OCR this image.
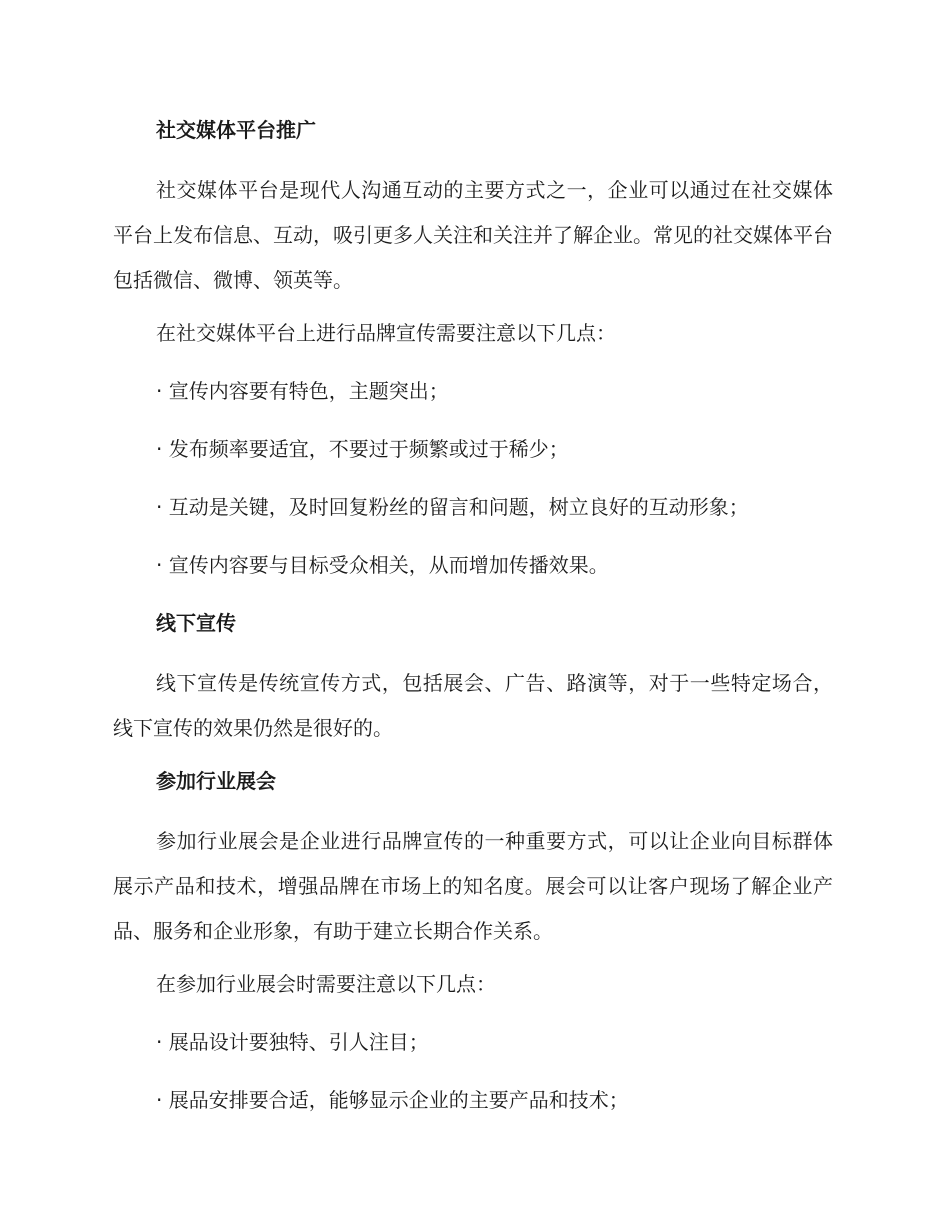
社交媒体平台推广

社交媒体平台是现代人沟通互动的主要方式之一，企业可以通过在社交媒体平台上发布信息、互动，吸引更多人关注和关注并了解企业。常见的社交媒体平台包括微信、微博、领英等。

在社交媒体平台上进行品牌宣传需要注意以下几点：

· 宣传内容要有特色，主题突出；
· 发布频率要适宜，不要过于频繁或过于稀少；
· 互动是关键，及时回复粉丝的留言和问题，树立良好的互动形象；
· 宣传内容要与目标受众相关，从而增加传播效果。
线下宣传

线下宣传是传统宣传方式，包括展会、广告、路演等，对于一些特定场合，线下宣传的效果仍然是很好的。

参加行业展会

参加行业展会是企业进行品牌宣传的一种重要方式，可以让企业向目标群体展示产品和技术，增强品牌在市场上的知名度。展会可以让客户现场了解企业产品、服务和企业形象，有助于建立长期合作关系。

在参加行业展会时需要注意以下几点：

· 展品设计要独特、引人注目；
· 展品安排要合适，能够显示企业的主要产品和技术；
